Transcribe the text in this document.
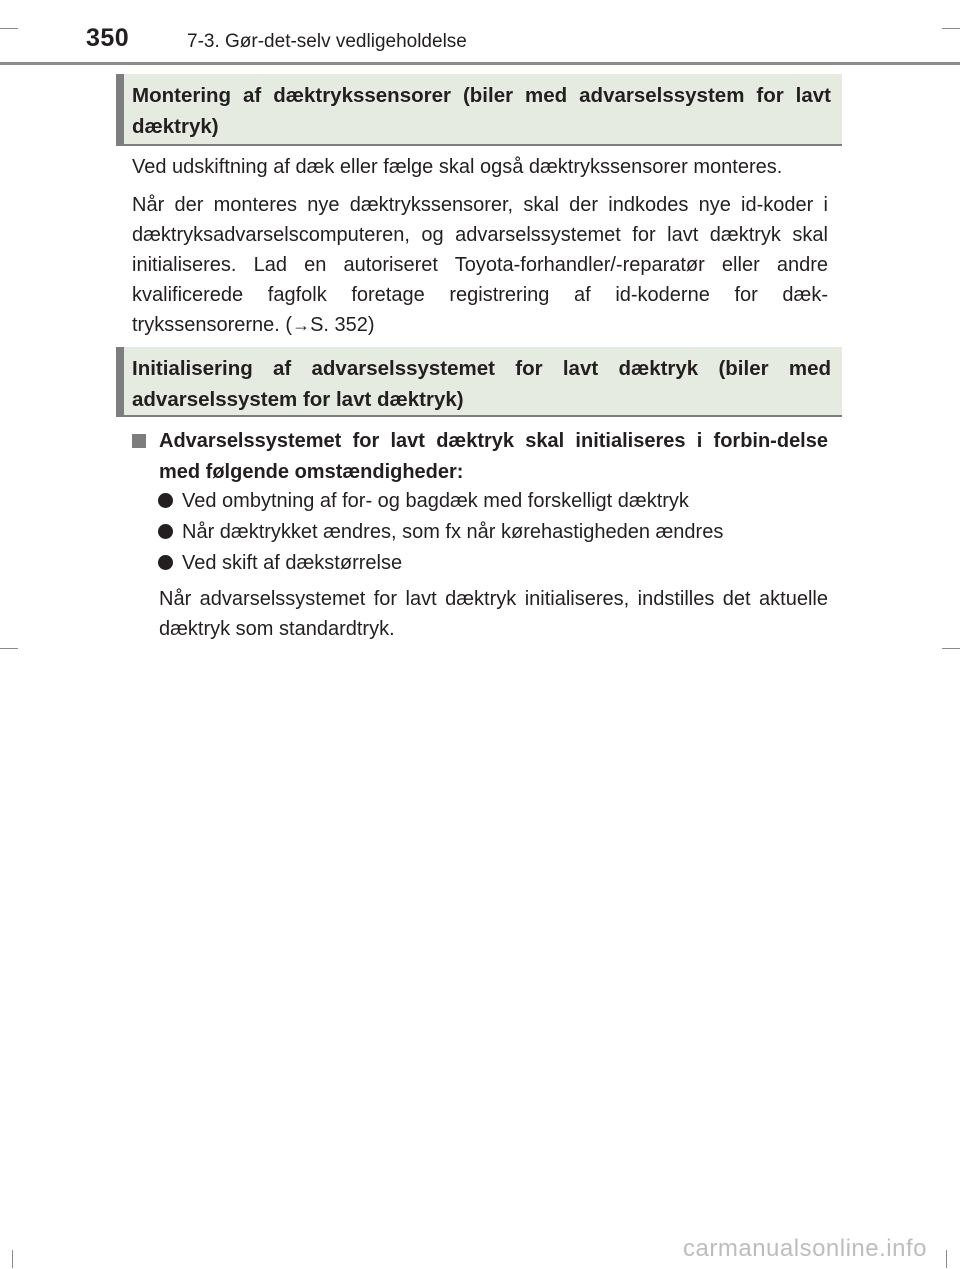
350	7-3. Gør-det-selv vedligeholdelse
Montering af dæktrykssensorer (biler med advarselssystem for lavt dæktryk)
Ved udskiftning af dæk eller fælge skal også dæktrykssensorer monteres.
Når der monteres nye dæktrykssensorer, skal der indkodes nye id-koder i dæktryksadvarselscomputeren, og advarselssystemet for lavt dæktryk skal initialiseres. Lad en autoriseret Toyota-forhandler/-reparatør eller andre kvalificerede fagfolk foretage registrering af id-koderne for dæk-trykssensorerne. (→S. 352)
Initialisering af advarselssystemet for lavt dæktryk (biler med advarselssystem for lavt dæktryk)
Advarselssystemet for lavt dæktryk skal initialiseres i forbin-delse med følgende omstændigheder:
Ved ombytning af for- og bagdæk med forskelligt dæktryk
Når dæktrykket ændres, som fx når kørehastigheden ændres
Ved skift af dækstørrelse
Når advarselssystemet for lavt dæktryk initialiseres, indstilles det aktuelle dæktryk som standardtryk.
carmanualsonline.info
